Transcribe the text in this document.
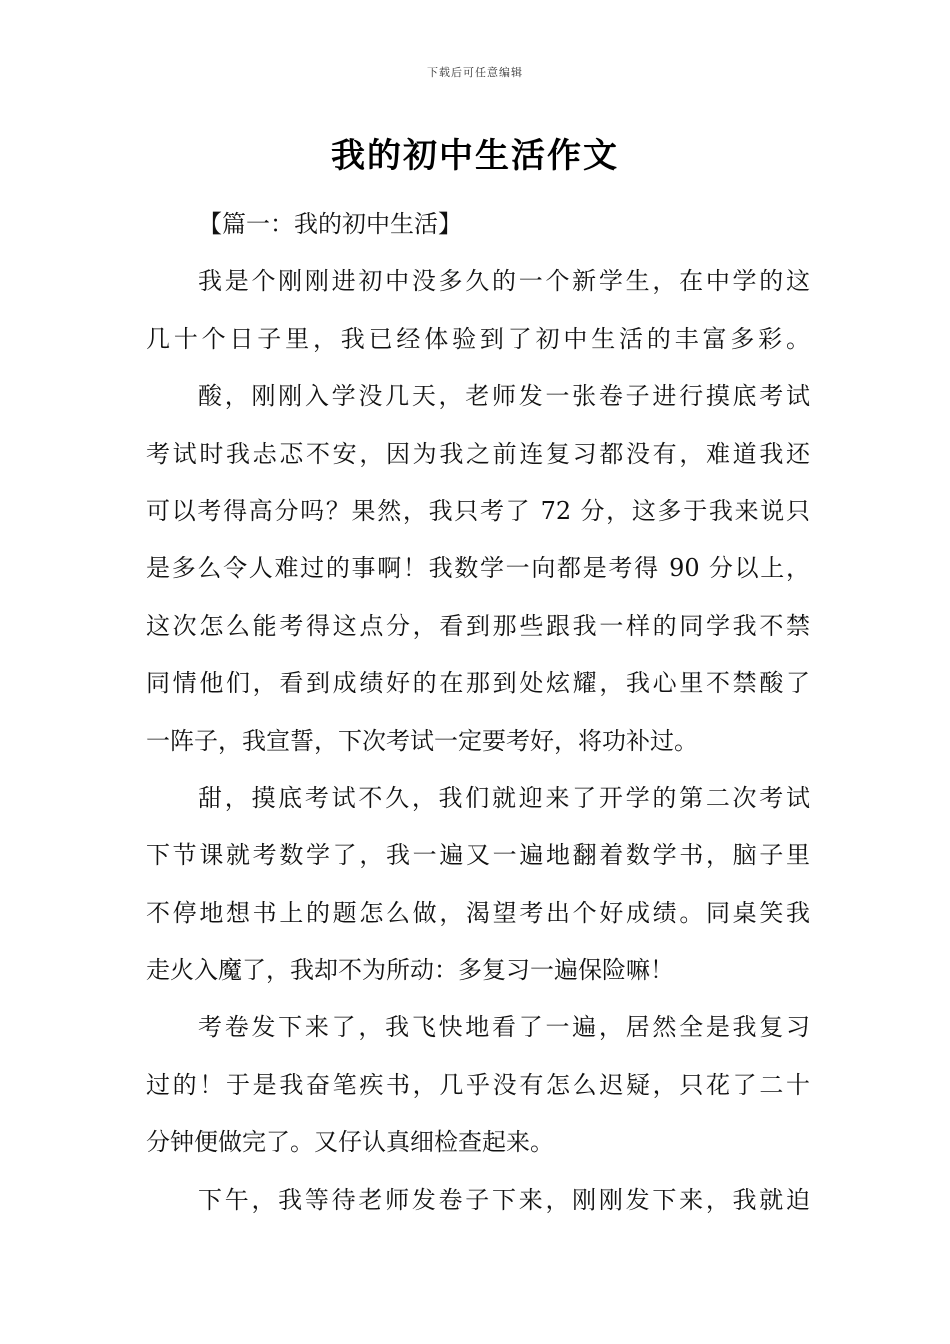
下载后可任意编辑
我的初中生活作文
【篇一：我的初中生活】
我是个刚刚进初中没多久的一个新学生，在中学的这
几十个日子里，我已经体验到了初中生活的丰富多彩。
酸，刚刚入学没几天，老师发一张卷子进行摸底考试
考试时我忐忑不安，因为我之前连复习都没有，难道我还
可以考得高分吗？果然，我只考了 72 分，这多于我来说只
是多么令人难过的事啊！我数学一向都是考得 90 分以上，
这次怎么能考得这点分，看到那些跟我一样的同学我不禁
同情他们，看到成绩好的在那到处炫耀，我心里不禁酸了
一阵子，我宣誓，下次考试一定要考好，将功补过。
甜，摸底考试不久，我们就迎来了开学的第二次考试
下节课就考数学了，我一遍又一遍地翻着数学书，脑子里
不停地想书上的题怎么做，渴望考出个好成绩。同桌笑我
走火入魔了，我却不为所动：多复习一遍保险嘛！
考卷发下来了，我飞快地看了一遍，居然全是我复习
过的！于是我奋笔疾书，几乎没有怎么迟疑，只花了二十
分钟便做完了。又仔认真细检查起来。
下午，我等待老师发卷子下来，刚刚发下来，我就迫
